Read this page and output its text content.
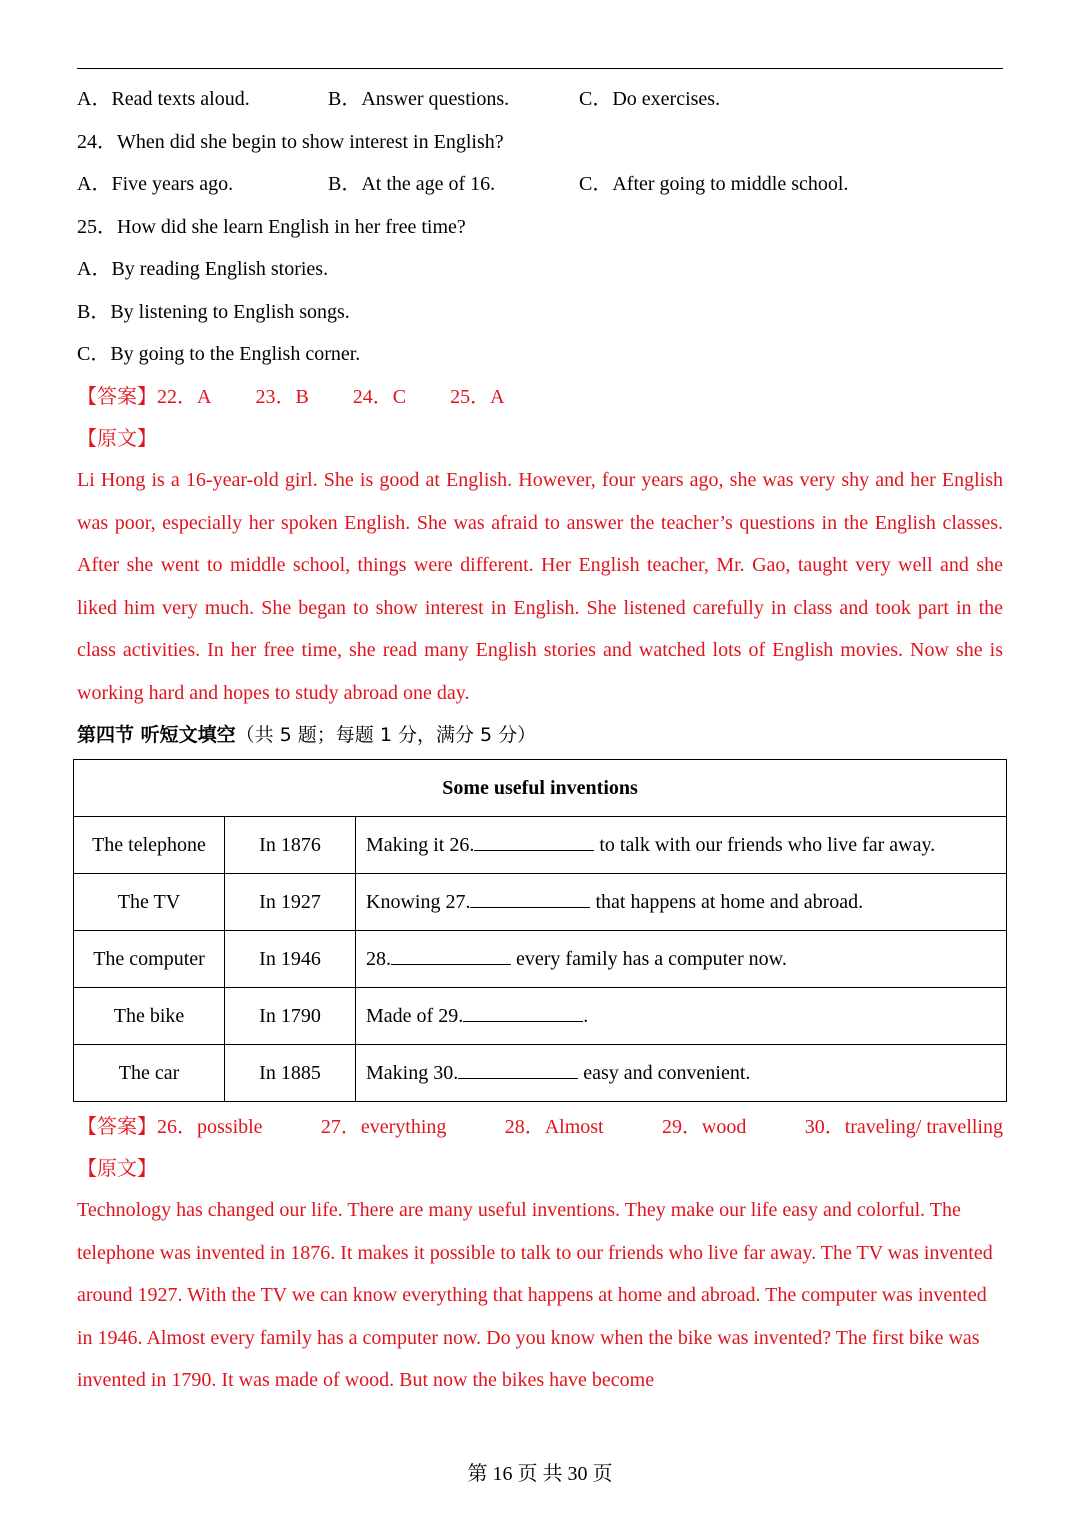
A．Read texts aloud.	B．Answer questions.	C．Do exercises.
24．When did she begin to show interest in English?
A．Five years ago.	B．At the age of 16.	C．After going to middle school.
25．How did she learn English in her free time?
A．By reading English stories.
B．By listening to English songs.
C．By going to the English corner.
【答案】22．A 23．B 24．C 25．A
【原文】
Li Hong is a 16-year-old girl. She is good at English. However, four years ago, she was very shy and her English was poor, especially her spoken English. She was afraid to answer the teacher’s questions in the English classes. After she went to middle school, things were different. Her English teacher, Mr. Gao, taught very well and she liked him very much. She began to show interest in English. She listened carefully in class and took part in the class activities. In her free time, she read many English stories and watched lots of English movies. Now she is working hard and hopes to study abroad one day.
第四节 听短文填空（共 5 题；每题 1 分，满分 5 分）
Some useful inventions		
The telephone	In 1876	Making it 26. to talk with our friends who live far away.
The TV	In 1927	Knowing 27. that happens at home and abroad.
The computer	In 1946	28. every family has a computer now.
The bike	In 1790	Made of 29. .
The car	In 1885	Making 30. easy and convenient.
【答案】26．possible	27．everything	28．Almost	29．wood	30．traveling/ travelling
【原文】
Technology has changed our life. There are many useful inventions. They make our life easy and colorful. The telephone was invented in 1876. It makes it possible to talk to our friends who live far away. The TV was invented around 1927. With the TV we can know everything that happens at home and abroad. The computer was invented in 1946. Almost every family has a computer now. Do you know when the bike was invented? The first bike was invented in 1790. It was made of wood. But now the bikes have become
第 16 页 共 30 页
